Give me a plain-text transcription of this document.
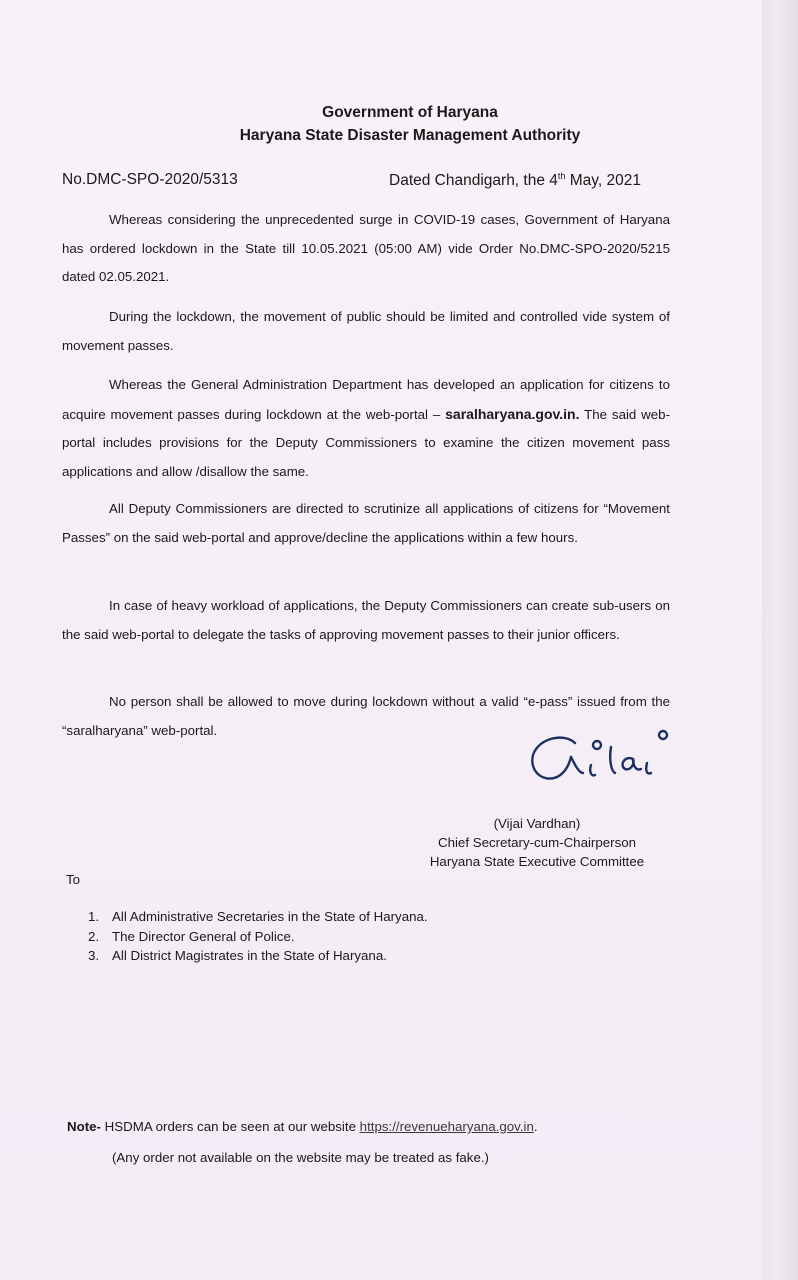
Government of Haryana

Haryana State Disaster Management Authority

No.DMC-SPO-2020/5313	Dated Chandigarh, the 4th May, 2021

Whereas considering the unprecedented surge in COVID-19 cases, Government of Haryana has ordered lockdown in the State till 10.05.2021 (05:00 AM) vide Order No.DMC-SPO-2020/5215 dated 02.05.2021.

During the lockdown, the movement of public should be limited and controlled vide system of movement passes.

Whereas the General Administration Department has developed an application for citizens to acquire movement passes during lockdown at the web-portal – saralharyana.gov.in. The said web-portal includes provisions for the Deputy Commissioners to examine the citizen movement pass applications and allow /disallow the same.

All Deputy Commissioners are directed to scrutinize all applications of citizens for “Movement Passes” on the said web-portal and approve/decline the applications within a few hours.

In case of heavy workload of applications, the Deputy Commissioners can create sub-users on the said web-portal to delegate the tasks of approving movement passes to their junior officers.

No person shall be allowed to move during lockdown without a valid “e-pass” issued from the “saralharyana” web-portal.

(Vijai Vardhan)

Chief Secretary-cum-Chairperson

Haryana State Executive Committee

To

1. All Administrative Secretaries in the State of Haryana.

2. The Director General of Police.

3. All District Magistrates in the State of Haryana.

Note- HSDMA orders can be seen at our website https://revenueharyana.gov.in.

(Any order not available on the website may be treated as fake.)
